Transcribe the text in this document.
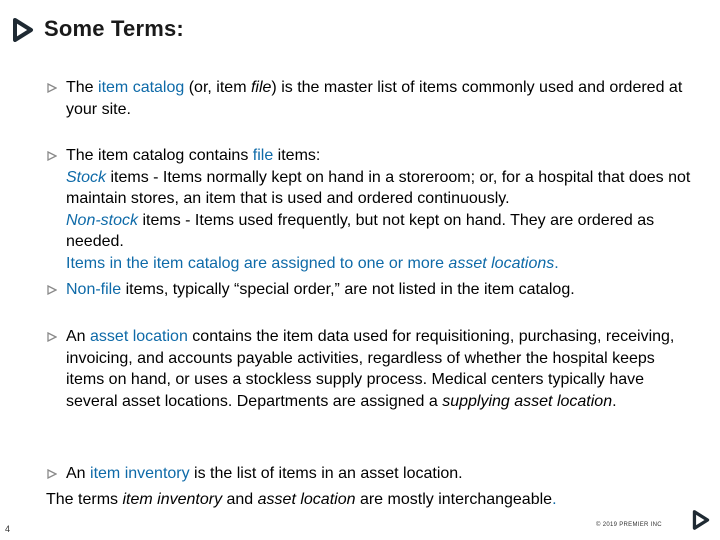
Some Terms:
The item catalog (or, item file) is the master list of items commonly used and ordered at your site.
The item catalog contains file items:
Stock items - Items normally kept on hand in a storeroom; or, for a hospital that does not maintain stores, an item that is used and ordered continuously.
Non-stock items - Items used frequently, but not kept on hand. They are ordered as needed.
Items in the item catalog are assigned to one or more asset locations.
Non-file items, typically “special order,” are not listed in the item catalog.
An asset location contains the item data used for requisitioning, purchasing, receiving, invoicing, and accounts payable activities, regardless of whether the hospital keeps items on hand, or uses a stockless supply process. Medical centers typically have several asset locations. Departments are assigned a supplying asset location.
An item inventory is the list of items in an asset location.
The terms item inventory and asset location are mostly interchangeable.
4	© 2019 PREMIER INC
